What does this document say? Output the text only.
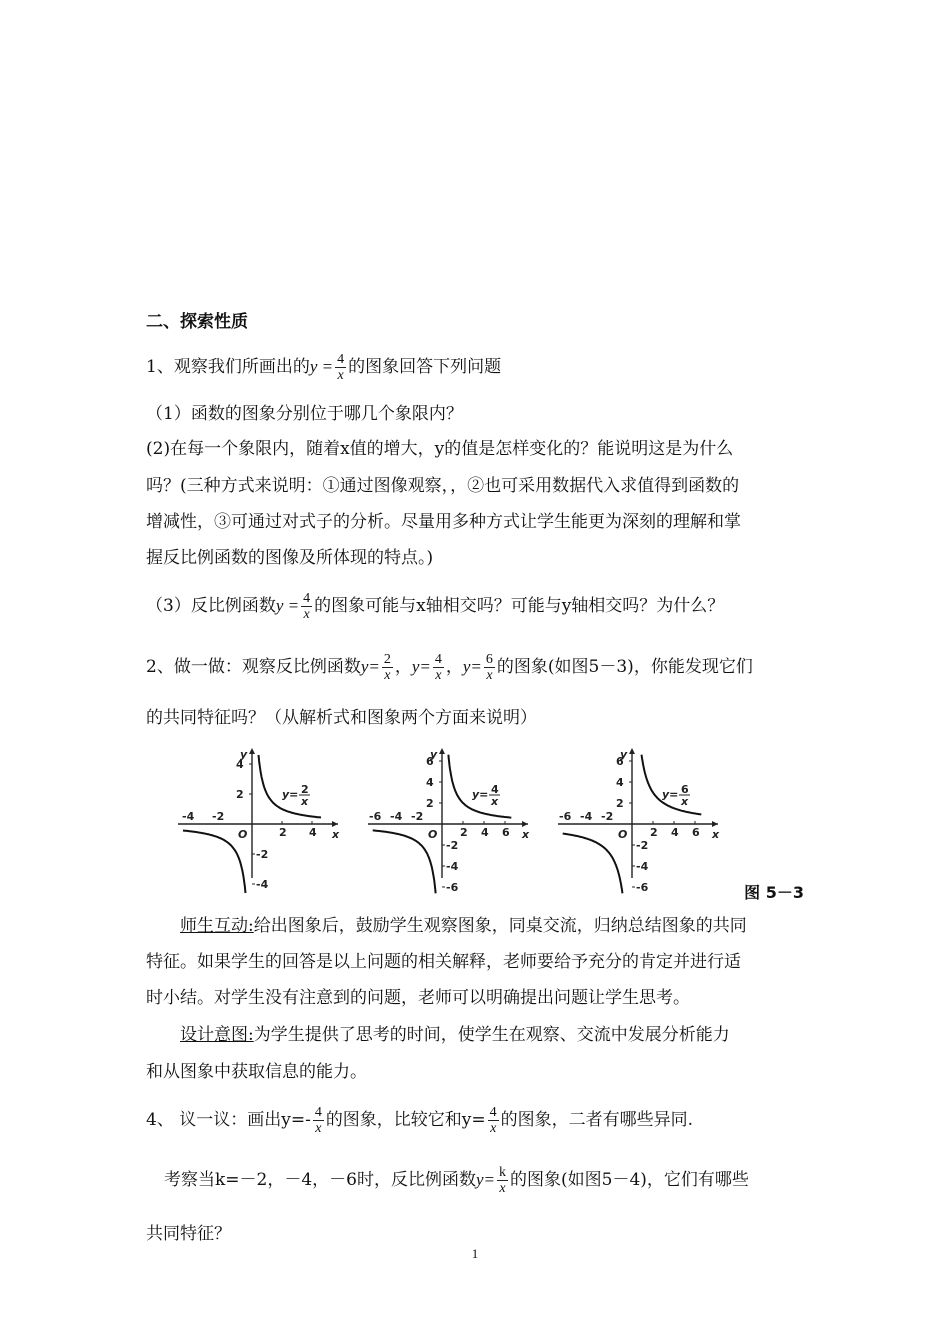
二、探索性质
1、观察我们所画出的$y = \frac{4}{x}$ 的图象回答下列问题
（1）函数的图象分别位于哪几个象限内？
(2)在每一个象限内，随着x值的增大，y的值是怎样变化的？能说明这是为什么
吗？(三种方式来说明：①通过图像观察，，②也可采用数据代入求值得到函数的
增减性，③可通过对式子的分析。尽量用多种方式让学生能更为深刻的理解和掌
握反比例函数的图像及所体现的特点。)
（3）反比例函数$y = \frac{4}{x}$ 的图象可能与x轴相交吗？可能与y轴相交吗？为什么？
2、做一做：观察反比例函数$y= \frac{2}{x}$ ，$y= \frac{4}{x}$ ，$y= \frac{6}{x}$ 的图象(如图5－3)，你能发现它们
的共同特征吗？（从解析式和图象两个方面来说明）
y
x
O
4
2
-2
-4
-4 -2
2 4
y= 2
x
y
x
O
6
4
2
-2
-4
-6
-6 -4 -2
2 4 6
y= 4
x
y
x
O
6
4
2
-2
-4
-6
-6 -4 -2
2 4 6
y= 6
x
图 5－3
师生互动:给出图象后，鼓励学生观察图象，同桌交流，归纳总结图象的共同
特征。如果学生的回答是以上问题的相关解释，老师要给予充分的肯定并进行适
时小结。对学生没有注意到的问题，老师可以明确提出问题让学生思考。
设计意图:为学生提供了思考的时间，使学生在观察、交流中发展分析能力
和从图象中获取信息的能力。
4、 议一议：画出$y=- \frac{4}{x}$ 的图象，比较它和$y= \frac{4}{x}$ 的图象，二者有哪些异同.
考察当k=－2，－4，－6时，反比例函数$y= \frac{k}{x}$ 的图象(如图5－4)，它们有哪些
共同特征？
1
